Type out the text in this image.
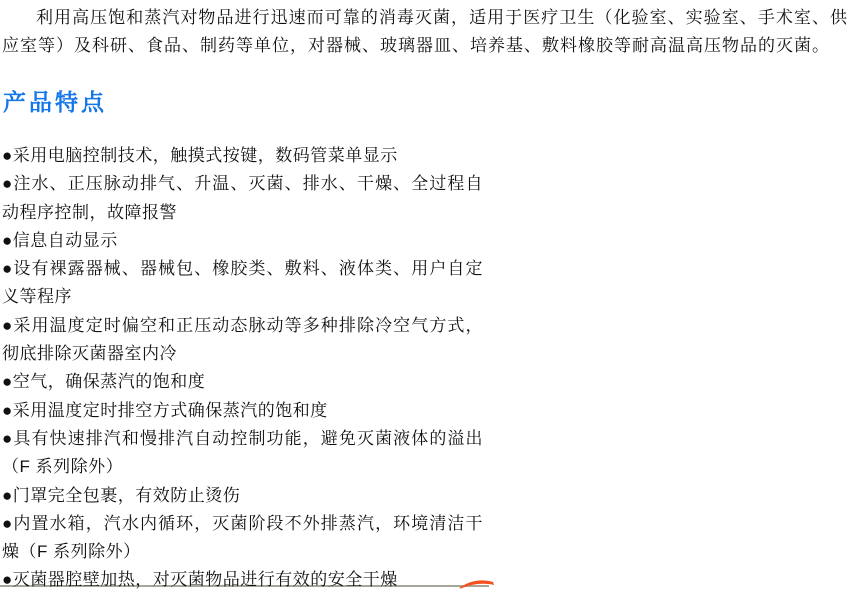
利用高压饱和蒸汽对物品进行迅速而可靠的消毒灭菌，适用于医疗卫生（化验室、实验室、手术室、供应室等）及科研、食品、制药等单位，对器械、玻璃器皿、培养基、敷料橡胶等耐高温高压物品的灭菌。

产品特点

●采用电脑控制技术，触摸式按键，数码管菜单显示

●注水、正压脉动排气、升温、灭菌、排水、干燥、全过程自动程序控制，故障报警

●信息自动显示

●设有裸露器械、器械包、橡胶类、敷料、液体类、用户自定义等程序

●采用温度定时偏空和正压动态脉动等多种排除冷空气方式，彻底排除灭菌器室内冷

●空气，确保蒸汽的饱和度

●采用温度定时排空方式确保蒸汽的饱和度

●具有快速排汽和慢排汽自动控制功能，避免灭菌液体的溢出（F 系列除外）

●门罩完全包裹，有效防止烫伤

●内置水箱，汽水内循环，灭菌阶段不外排蒸汽，环境清洁干燥（F 系列除外）

●灭菌器腔壁加热，对灭菌物品进行有效的安全干燥
